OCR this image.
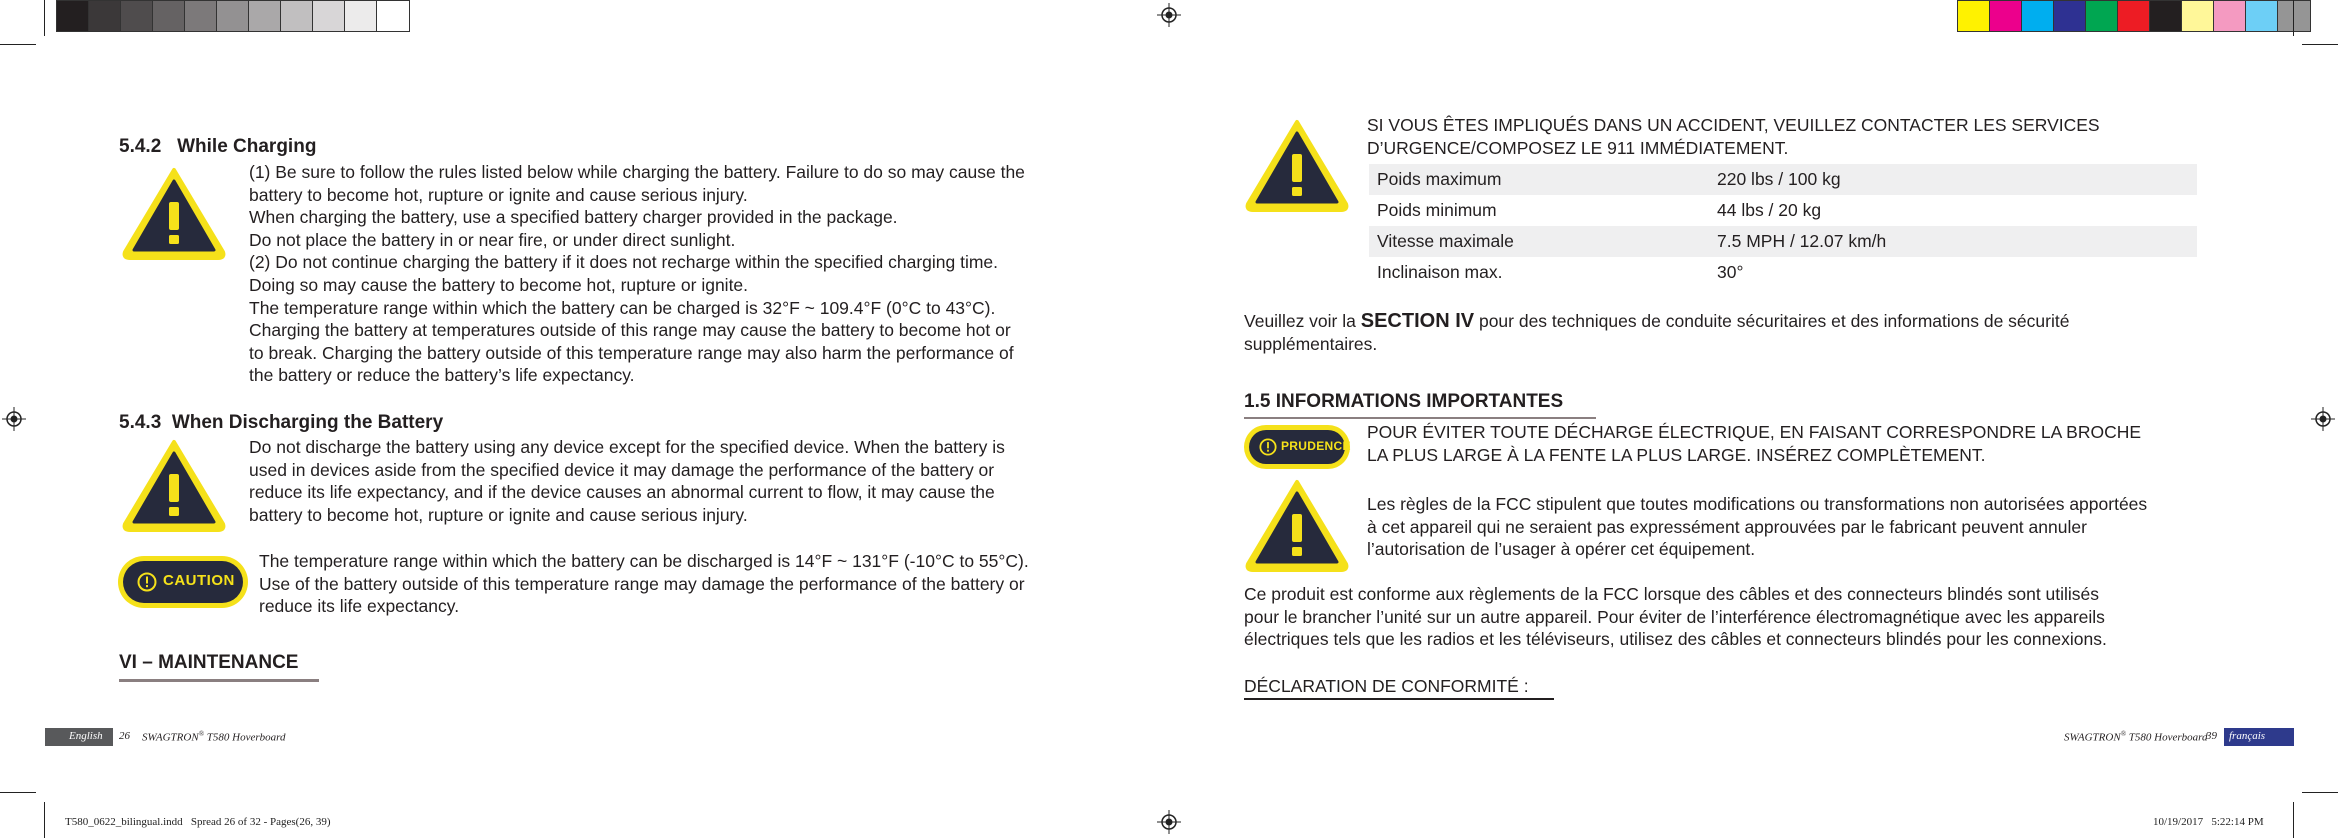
5.4.2   While Charging
(1) Be sure to follow the rules listed below while charging the battery. Failure to do so may cause the
battery to become hot, rupture or ignite and cause serious injury.
When charging the battery, use a specified battery charger provided in the package.
Do not place the battery in or near fire, or under direct sunlight.
(2) Do not continue charging the battery if it does not recharge within the specified charging time.
Doing so may cause the battery to become hot, rupture or ignite.
The temperature range within which the battery can be charged is 32°F ~ 109.4°F (0°C to 43°C).
Charging the battery at temperatures outside of this range may cause the battery to become hot or
to break. Charging the battery outside of this temperature range may also harm the performance of
the battery or reduce the battery’s life expectancy.
5.4.3  When Discharging the Battery
Do not discharge the battery using any device except for the specified device. When the battery is
used in devices aside from the specified device it may damage the performance of the battery or
reduce its life expectancy, and if the device causes an abnormal current to flow, it may cause the
battery to become hot, rupture or ignite and cause serious injury.
CAUTION
The temperature range within which the battery can be discharged is 14°F ~ 131°F (-10°C to 55°C).
Use of the battery outside of this temperature range may damage the performance of the battery or
reduce its life expectancy.
VI – MAINTENANCE
English 26 SWAGTRON® T580 Hoverboard
SI VOUS ÊTES IMPLIQUÉS DANS UN ACCIDENT, VEUILLEZ CONTACTER LES SERVICES
D’URGENCE/COMPOSEZ LE 911 IMMÉDIATEMENT.
Poids maximum	220 lbs / 100 kg
Poids minimum	44 lbs / 20 kg
Vitesse maximale	7.5 MPH / 12.07 km/h
Inclinaison max.	30°
Veuillez voir la SECTION IV pour des techniques de conduite sécuritaires et des informations de sécurité
supplémentaires.
1.5 INFORMATIONS IMPORTANTES
PRUDENCE
POUR ÉVITER TOUTE DÉCHARGE ÉLECTRIQUE, EN FAISANT CORRESPONDRE LA BROCHE
LA PLUS LARGE À LA FENTE LA PLUS LARGE. INSÉREZ COMPLÈTEMENT.
Les règles de la FCC stipulent que toutes modifications ou transformations non autorisées apportées
à cet appareil qui ne seraient pas expressément approuvées par le fabricant peuvent annuler
l’autorisation de l’usager à opérer cet équipement.
Ce produit est conforme aux règlements de la FCC lorsque des câbles et des connecteurs blindés sont utilisés
pour le brancher l’unité sur un autre appareil. Pour éviter de l’interférence électromagnétique avec les appareils
électriques tels que les radios et les téléviseurs, utilisez des câbles et connecteurs blindés pour les connexions.
DÉCLARATION DE CONFORMITÉ :
SWAGTRON® T580 Hoverboard
39 français
T580_0622_bilingual.indd   Spread 26 of 32 - Pages(26, 39)	10/19/2017   5:22:14 PM
